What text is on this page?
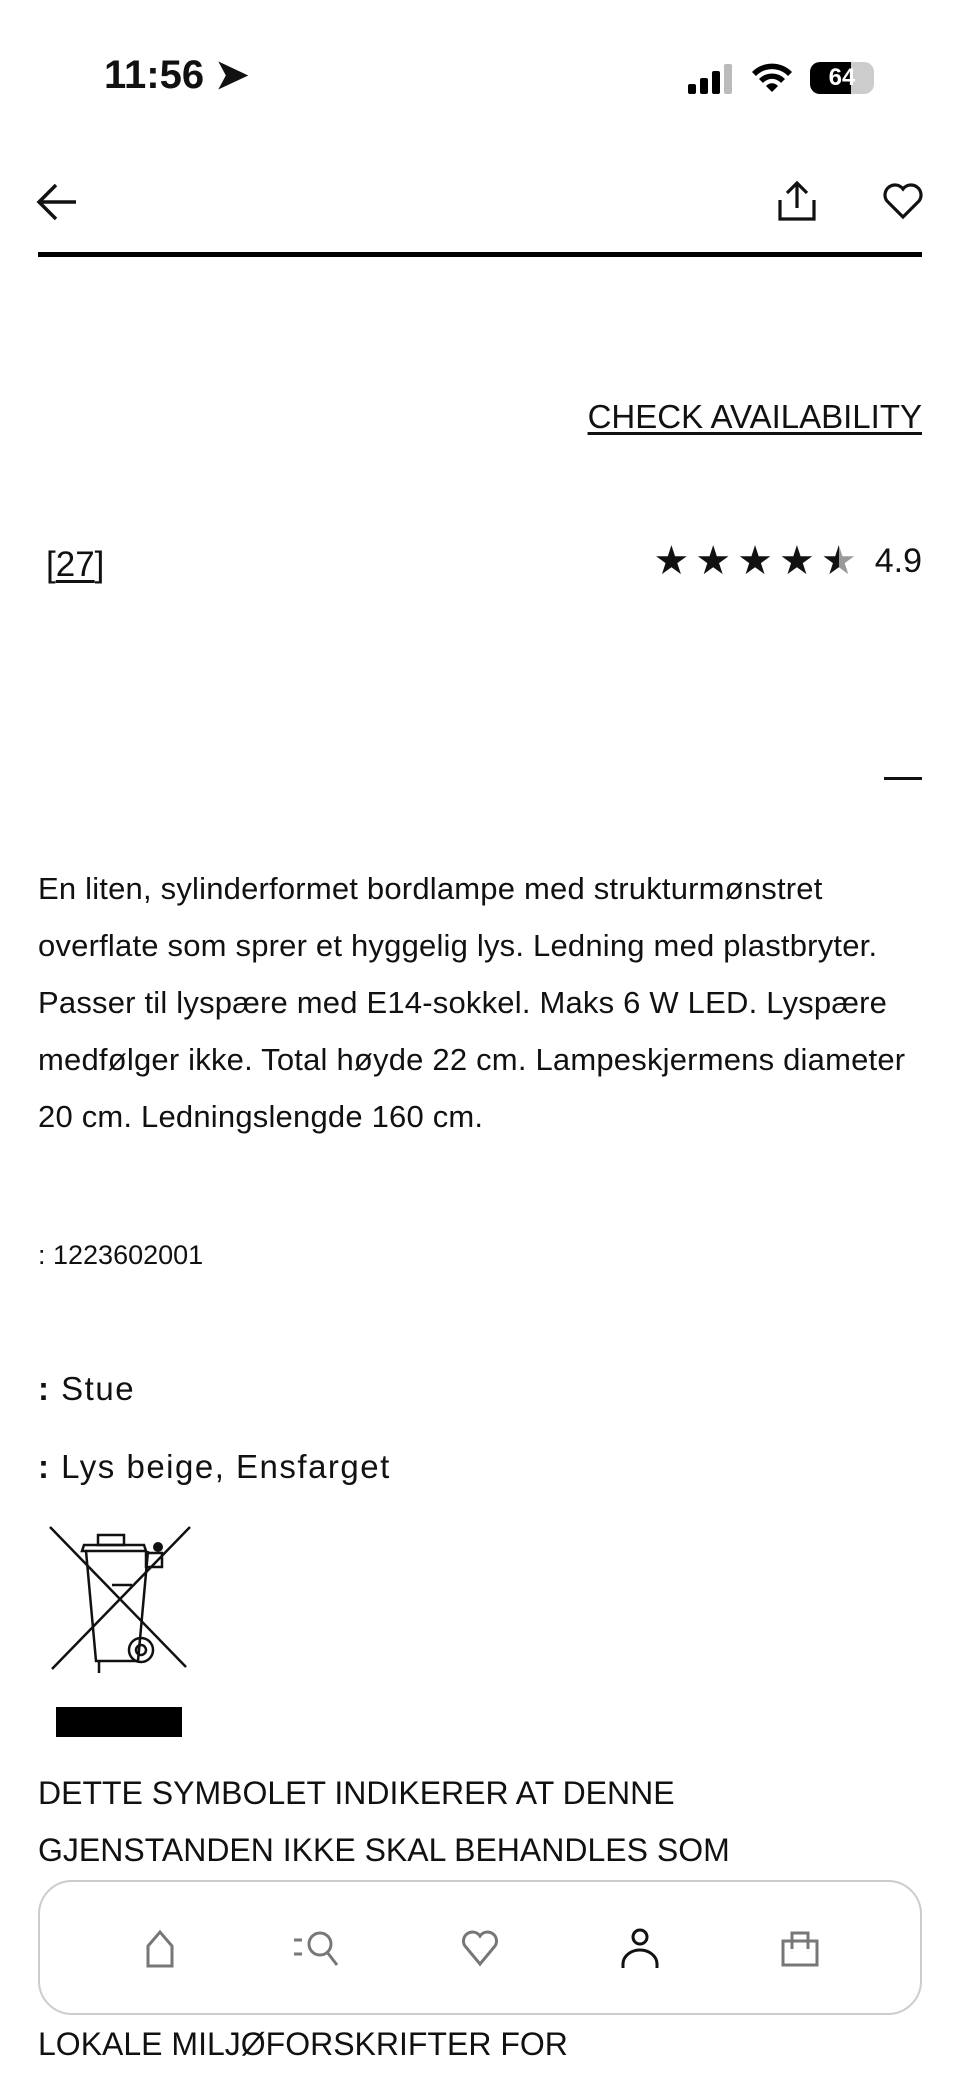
11:56 ➤	64
CHECK AVAILABILITY
[27]	★ ★ ★ ★ ★ 4.9
En liten, sylinderformet bordlampe med strukturmønstret overflate som sprer et hyggelig lys. Ledning med plastbryter. Passer til lyspære med E14-sokkel. Maks 6 W LED. Lyspære medfølger ikke. Total høyde 22 cm. Lampeskjermens diameter 20 cm. Ledningslengde 160 cm.
: 1223602001
: Stue
: Lys beige, Ensfarget
DETTE SYMBOLET INDIKERER AT DENNE
GJENSTANDEN IKKE SKAL BEHANDLES SOM
LOKALE MILJØFORSKRIFTER FOR
